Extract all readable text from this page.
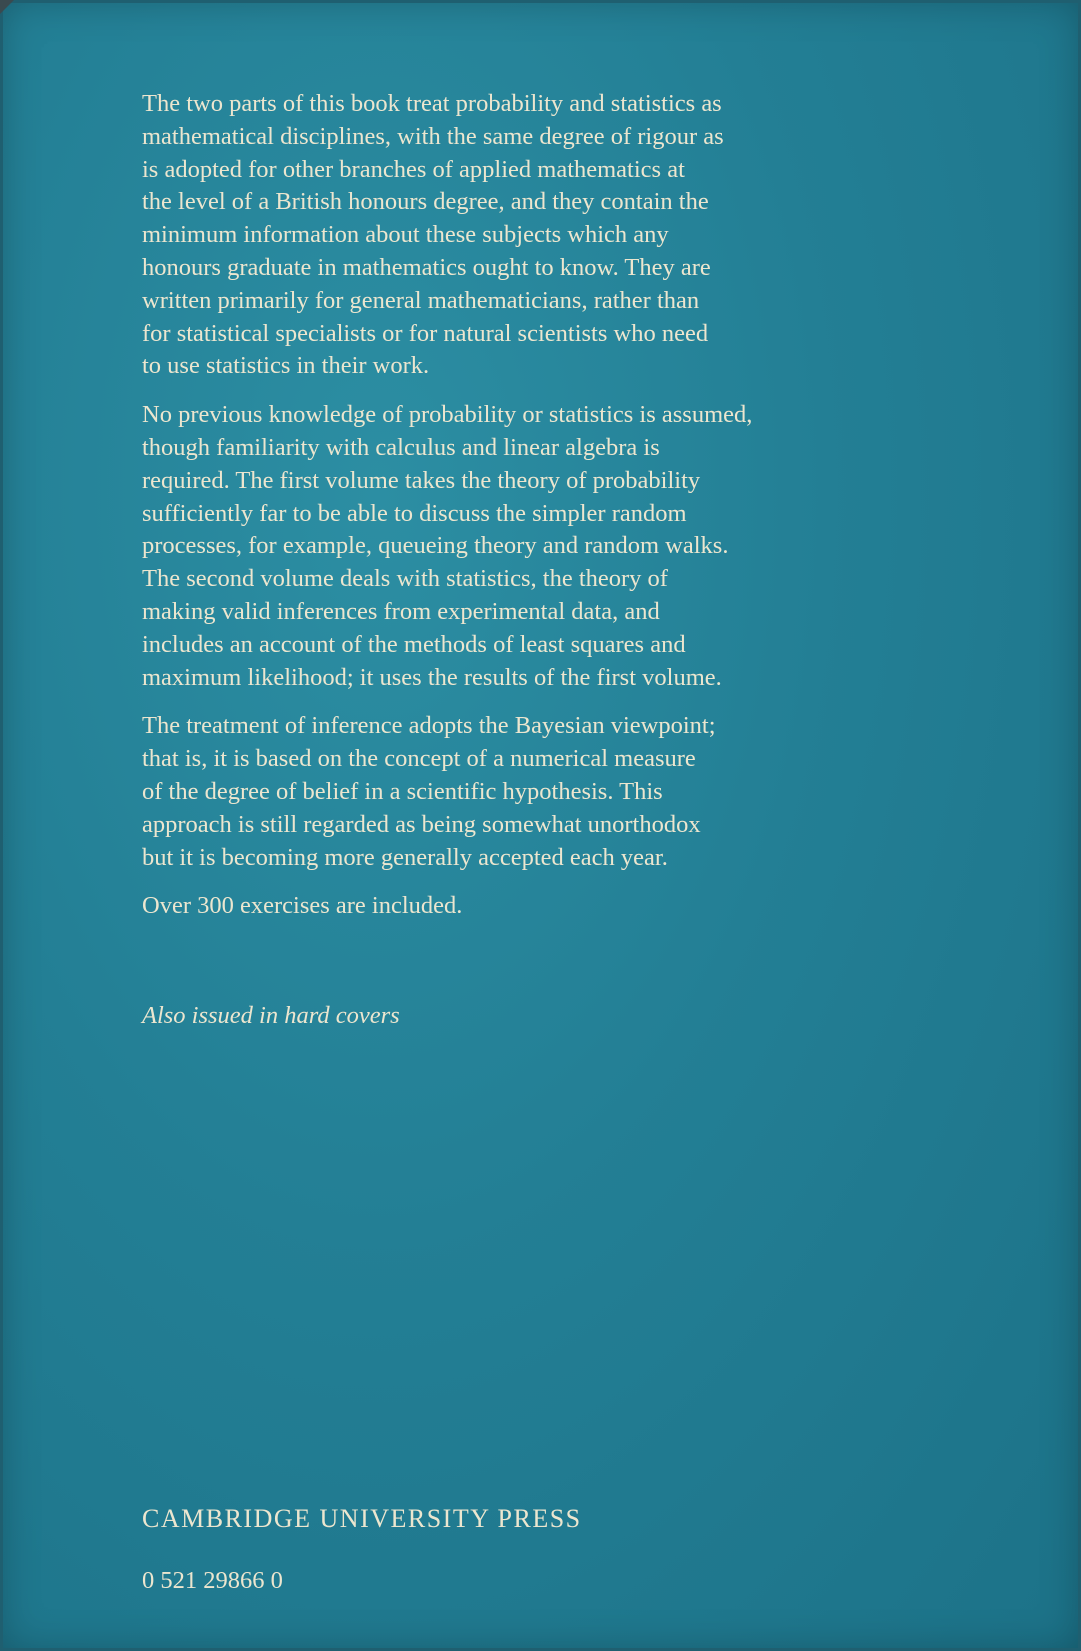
The two parts of this book treat probability and statistics as
mathematical disciplines, with the same degree of rigour as
is adopted for other branches of applied mathematics at
the level of a British honours degree, and they contain the
minimum information about these subjects which any
honours graduate in mathematics ought to know. They are
written primarily for general mathematicians, rather than
for statistical specialists or for natural scientists who need
to use statistics in their work.

No previous knowledge of probability or statistics is assumed,
though familiarity with calculus and linear algebra is
required. The first volume takes the theory of probability
sufficiently far to be able to discuss the simpler random
processes, for example, queueing theory and random walks.
The second volume deals with statistics, the theory of
making valid inferences from experimental data, and
includes an account of the methods of least squares and
maximum likelihood; it uses the results of the first volume.

The treatment of inference adopts the Bayesian viewpoint;
that is, it is based on the concept of a numerical measure
of the degree of belief in a scientific hypothesis. This
approach is still regarded as being somewhat unorthodox
but it is becoming more generally accepted each year.

Over 300 exercises are included.

Also issued in hard covers
CAMBRIDGE UNIVERSITY PRESS
0 521 29866 0
